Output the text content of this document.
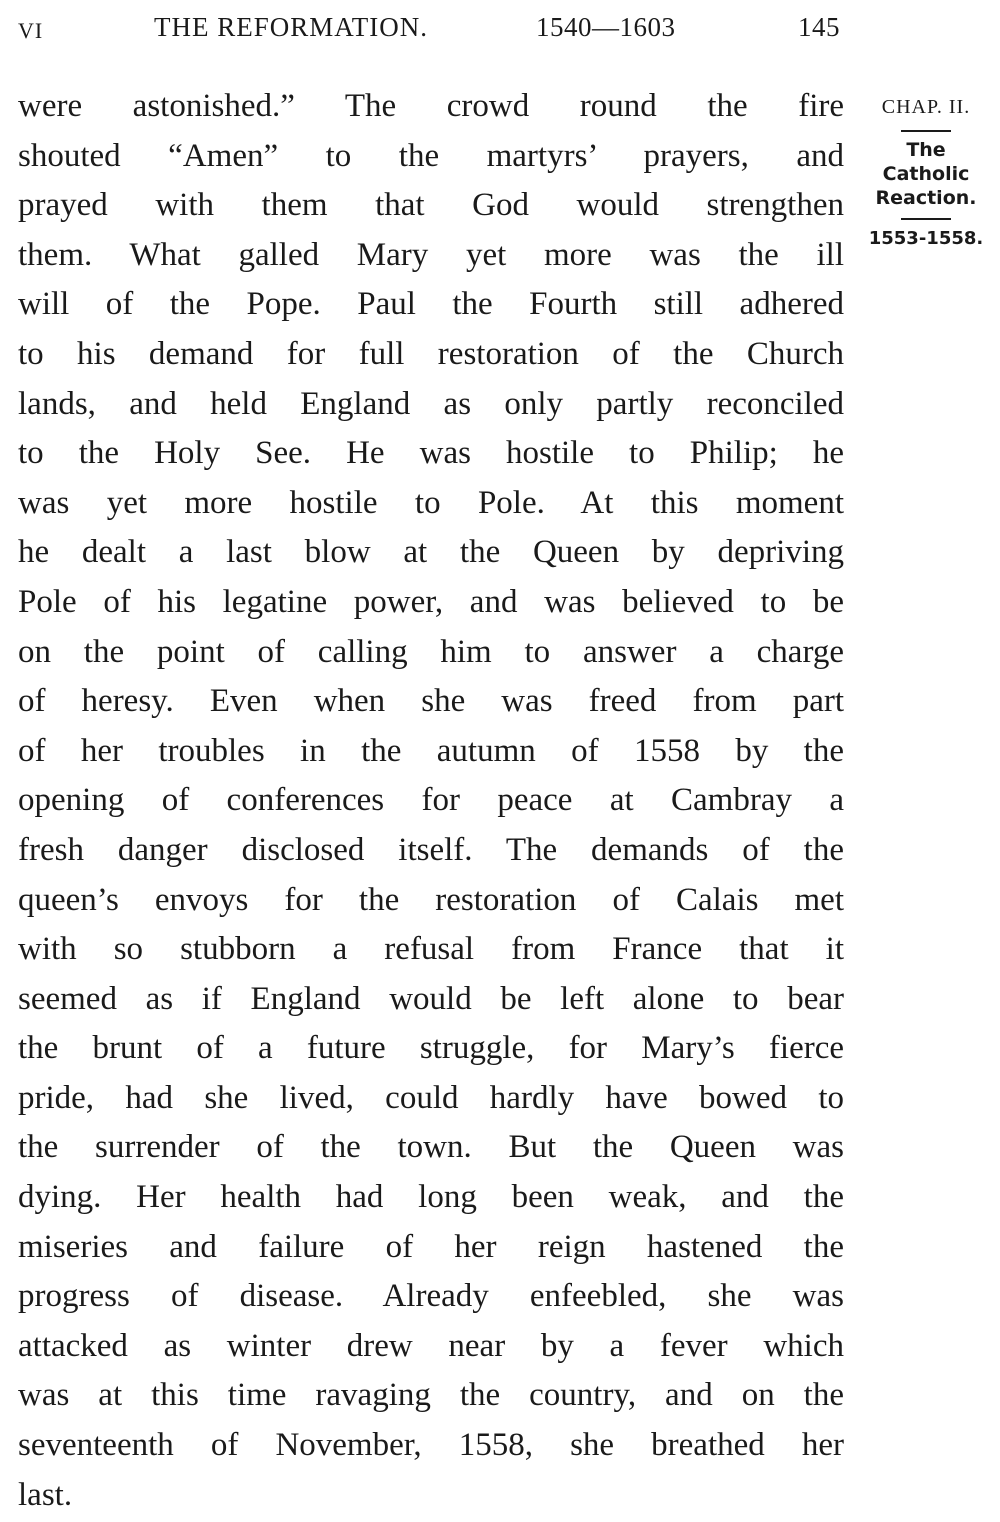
VI	THE REFORMATION.	1540—1603	145
were astonished.” The crowd round the fire
shouted “Amen” to the martyrs’ prayers, and
prayed with them that God would strengthen
them. What galled Mary yet more was the ill
will of the Pope. Paul the Fourth still adhered
to his demand for full restoration of the Church
lands, and held England as only partly reconciled
to the Holy See. He was hostile to Philip; he
was yet more hostile to Pole. At this moment
he dealt a last blow at the Queen by depriving
Pole of his legatine power, and was believed to be
on the point of calling him to answer a charge
of heresy. Even when she was freed from part
of her troubles in the autumn of 1558 by the
opening of conferences for peace at Cambray a
fresh danger disclosed itself. The demands of the
queen’s envoys for the restoration of Calais met
with so stubborn a refusal from France that it
seemed as if England would be left alone to bear
the brunt of a future struggle, for Mary’s fierce
pride, had she lived, could hardly have bowed to
the surrender of the town. But the Queen was
dying. Her health had long been weak, and the
miseries and failure of her reign hastened the
progress of disease. Already enfeebled, she was
attacked as winter drew near by a fever which
was at this time ravaging the country, and on the
seventeenth of November, 1558, she breathed her
last.
CHAP. II.
The
Catholic
Reaction.
1553-1558.
